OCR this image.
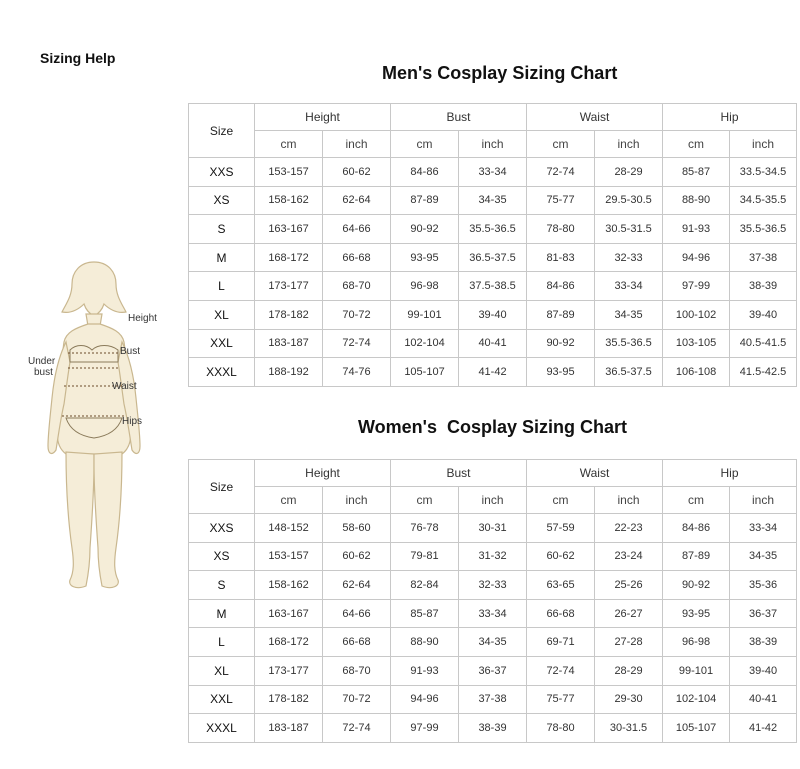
Sizing Help
Men's Cosplay Sizing Chart
Size	Height		Bust		Waist		Hip	
	cm	inch	cm	inch	cm	inch	cm	inch
XXS	153-157	60-62	84-86	33-34	72-74	28-29	85-87	33.5-34.5
XS	158-162	62-64	87-89	34-35	75-77	29.5-30.5	88-90	34.5-35.5
S	163-167	64-66	90-92	35.5-36.5	78-80	30.5-31.5	91-93	35.5-36.5
M	168-172	66-68	93-95	36.5-37.5	81-83	32-33	94-96	37-38
L	173-177	68-70	96-98	37.5-38.5	84-86	33-34	97-99	38-39
XL	178-182	70-72	99-101	39-40	87-89	34-35	100-102	39-40
XXL	183-187	72-74	102-104	40-41	90-92	35.5-36.5	103-105	40.5-41.5
XXXL	188-192	74-76	105-107	41-42	93-95	36.5-37.5	106-108	41.5-42.5
Height
Bust
Under
bust
Waist
Hips	Women's  Cosplay Sizing Chart
Size	Height		Bust		Waist		Hip	
	cm	inch	cm	inch	cm	inch	cm	inch
XXS	148-152	58-60	76-78	30-31	57-59	22-23	84-86	33-34
XS	153-157	60-62	79-81	31-32	60-62	23-24	87-89	34-35
S	158-162	62-64	82-84	32-33	63-65	25-26	90-92	35-36
M	163-167	64-66	85-87	33-34	66-68	26-27	93-95	36-37
L	168-172	66-68	88-90	34-35	69-71	27-28	96-98	38-39
XL	173-177	68-70	91-93	36-37	72-74	28-29	99-101	39-40
XXL	178-182	70-72	94-96	37-38	75-77	29-30	102-104	40-41
XXXL	183-187	72-74	97-99	38-39	78-80	30-31.5	105-107	41-42
